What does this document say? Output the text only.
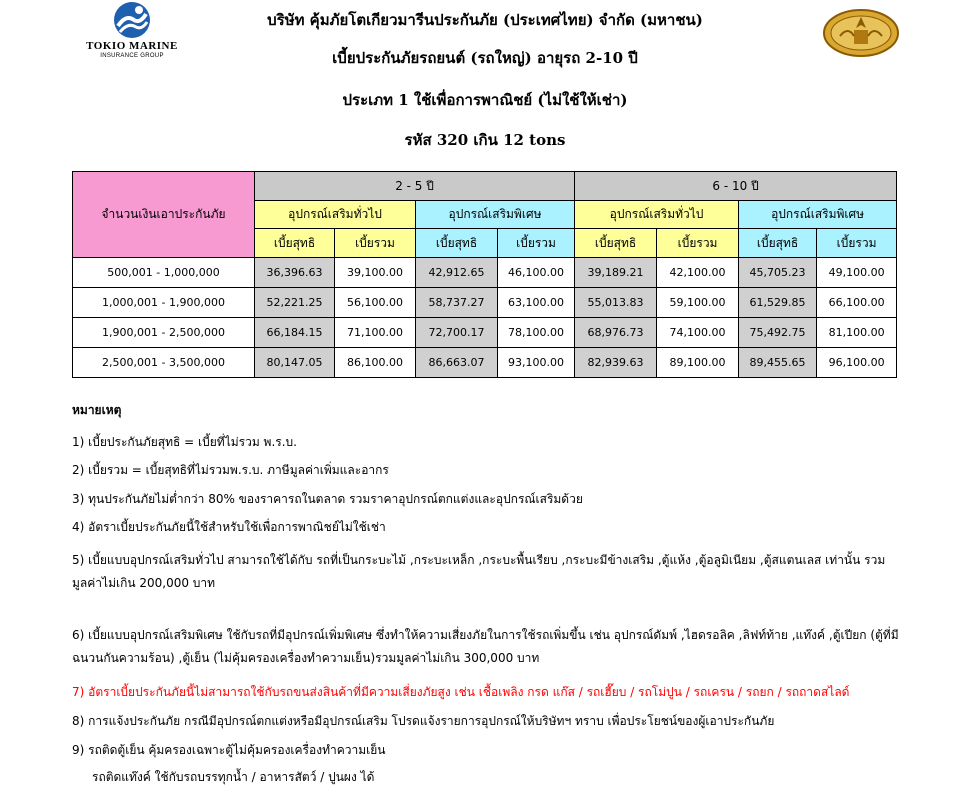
TOKIO MARINE
INSURANCE GROUP
บริษัท คุ้มภัยโตเกียวมารีนประกันภัย (ประเทศไทย) จำกัด (มหาชน)
เบี้ยประกันภัยรถยนต์ (รถใหญ่) อายุรถ 2-10 ปี
ประเภท 1 ใช้เพื่อการพาณิชย์ (ไม่ใช้ให้เช่า)
รหัส 320 เกิน 12 tons
จำนวนเงินเอาประกันภัย	2 - 5 ปี				6 - 10 ปี			
	อุปกรณ์เสริมทั่วไป		อุปกรณ์เสริมพิเศษ		อุปกรณ์เสริมทั่วไป		อุปกรณ์เสริมพิเศษ	
	เบี้ยสุทธิ	เบี้ยรวม	เบี้ยสุทธิ	เบี้ยรวม	เบี้ยสุทธิ	เบี้ยรวม	เบี้ยสุทธิ	เบี้ยรวม
500,001 - 1,000,000	36,396.63	39,100.00	42,912.65	46,100.00	39,189.21	42,100.00	45,705.23	49,100.00
1,000,001 - 1,900,000	52,221.25	56,100.00	58,737.27	63,100.00	55,013.83	59,100.00	61,529.85	66,100.00
1,900,001 - 2,500,000	66,184.15	71,100.00	72,700.17	78,100.00	68,976.73	74,100.00	75,492.75	81,100.00
2,500,001 - 3,500,000	80,147.05	86,100.00	86,663.07	93,100.00	82,939.63	89,100.00	89,455.65	96,100.00
หมายเหตุ
1) เบี้ยประกันภัยสุทธิ = เบี้ยที่ไม่รวม พ.ร.บ.
2) เบี้ยรวม = เบี้ยสุทธิที่ไม่รวมพ.ร.บ. ภาษีมูลค่าเพิ่มและอากร
3) ทุนประกันภัยไม่ต่ำกว่า 80% ของราคารถในตลาด รวมราคาอุปกรณ์ตกแต่งและอุปกรณ์เสริมด้วย
4) อัตราเบี้ยประกันภัยนี้ใช้สำหรับใช้เพื่อการพาณิชย์ไม่ใช้เช่า
5) เบี้ยแบบอุปกรณ์เสริมทั่วไป สามารถใช้ได้กับ รถที่เป็นกระบะไม้ ,กระบะเหล็ก ,กระบะพื้นเรียบ ,กระบะมีข้างเสริม ,ตู้แห้ง ,ตู้อลูมิเนียม ,ตู้สแตนเลส เท่านั้น รวมมูลค่าไม่เกิน 200,000 บาท
6) เบี้ยแบบอุปกรณ์เสริมพิเศษ ใช้กับรถที่มีอุปกรณ์เพิ่มพิเศษ ซึ่งทำให้ความเสี่ยงภัยในการใช้รถเพิ่มขึ้น เช่น อุปกรณ์ดัมพ์ ,ไฮดรอลิค ,ลิฟท์ท้าย ,แท๊งค์ ,ตู้เปียก (ตู้ที่มีฉนวนกันความร้อน) ,ตู้เย็น (ไม่คุ้มครองเครื่องทำความเย็น)รวมมูลค่าไม่เกิน 300,000 บาท
7) อัตราเบี้ยประกันภัยนี้ไม่สามารถใช้กับรถขนส่งสินค้าที่มีความเสี่ยงภัยสูง เช่น เชื้อเพลิง กรด แก๊ส / รถเฮี๊ยบ / รถโม่ปูน / รถเครน / รถยก / รถถาดสไลด์
8) การแจ้งประกันภัย กรณีมีอุปกรณ์ตกแต่งหรือมีอุปกรณ์เสริม โปรดแจ้งรายการอุปกรณ์ให้บริษัทฯ ทราบ เพื่อประโยชน์ของผู้เอาประกันภัย
9) รถติดตู้เย็น คุ้มครองเฉพาะตู้ไม่คุ้มครองเครื่องทำความเย็น
รถติดแท๊งค์ ใช้กับรถบรรทุกน้ำ / อาหารสัตว์ / ปูนผง ได้
